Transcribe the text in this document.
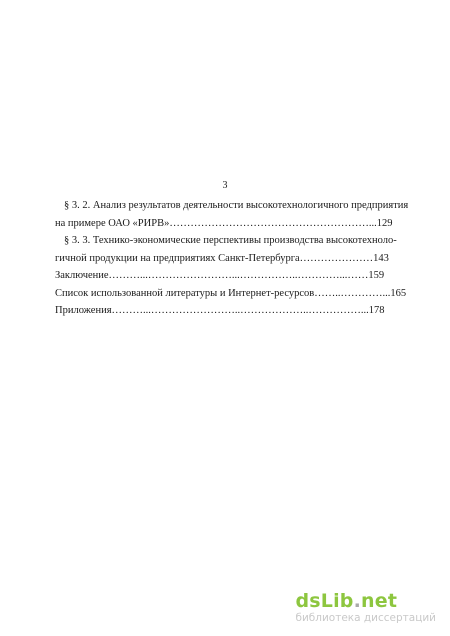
3
§ 3. 2. Анализ результатов деятельности высокотехнологичного предприятия
на примере ОАО «РИРВ»…………………………………………………...129
§ 3. 3. Технико-экономические перспективы производства высокотехноло-
гичной продукции на предприятиях Санкт-Петербурга…………………143
Заключение………...……………………...……………..…………...……159
Список использованной литературы и Интернет-ресурсов……..…………...165
Приложения………...……………………..………………..……………...178
dsLib.net
библиотека диссертаций
